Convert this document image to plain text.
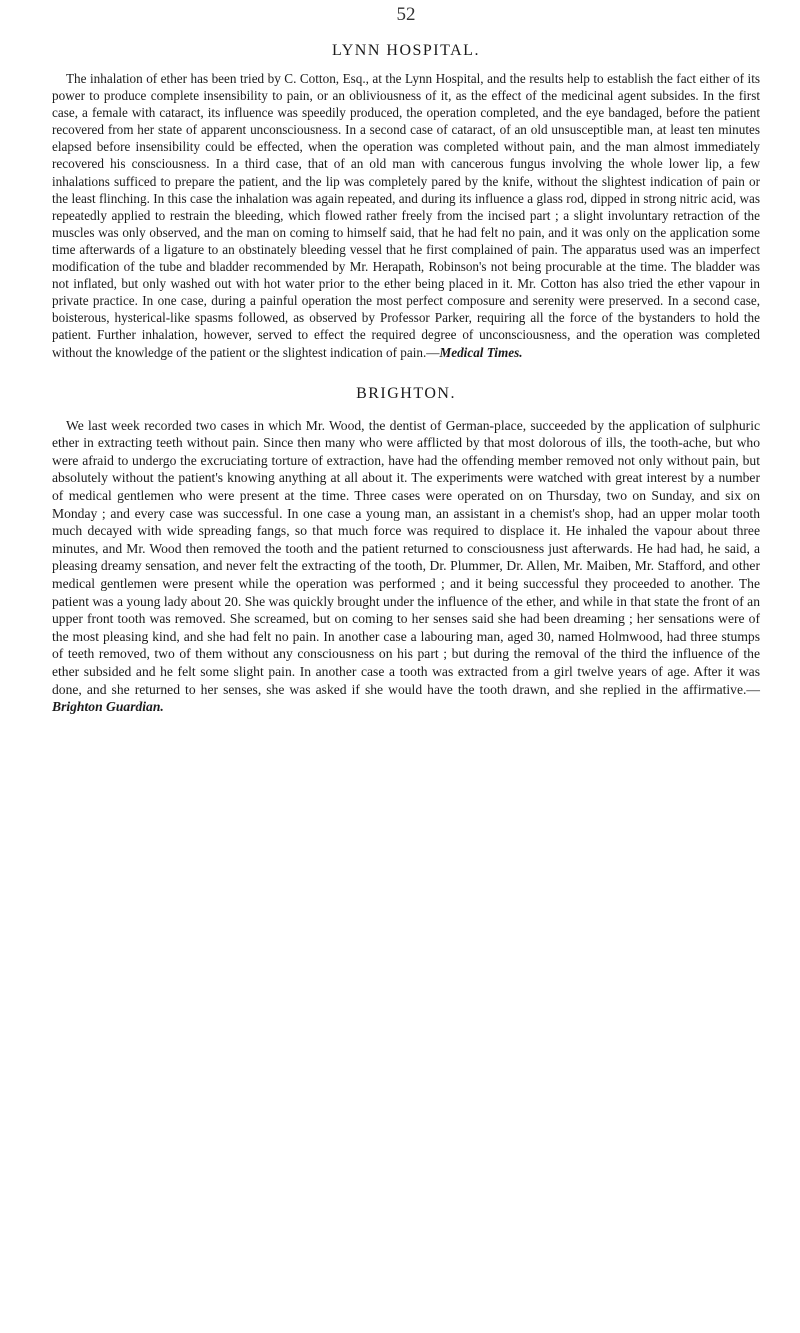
52
LYNN HOSPITAL.

The inhalation of ether has been tried by C. Cotton, Esq., at the Lynn Hospital, and the results help to establish the fact either of its power to produce complete insensibility to pain, or an obliviousness of it, as the effect of the medicinal agent subsides. In the first case, a female with cataract, its influence was speedily produced, the operation completed, and the eye bandaged, before the patient recovered from her state of apparent unconsciousness. In a second case of cataract, of an old unsusceptible man, at least ten minutes elapsed before insensibility could be effected, when the operation was completed without pain, and the man almost immediately recovered his consciousness. In a third case, that of an old man with cancerous fungus involving the whole lower lip, a few inhalations sufficed to prepare the patient, and the lip was completely pared by the knife, without the slightest indication of pain or the least flinching. In this case the inhalation was again repeated, and during its influence a glass rod, dipped in strong nitric acid, was repeatedly applied to restrain the bleeding, which flowed rather freely from the incised part ; a slight involuntary retraction of the muscles was only observed, and the man on coming to himself said, that he had felt no pain, and it was only on the application some time afterwards of a ligature to an obstinately bleeding vessel that he first complained of pain. The apparatus used was an imperfect modification of the tube and bladder recommended by Mr. Herapath, Robinson's not being procurable at the time. The bladder was not inflated, but only washed out with hot water prior to the ether being placed in it. Mr. Cotton has also tried the ether vapour in private practice. In one case, during a painful operation the most perfect composure and serenity were preserved. In a second case, boisterous, hysterical-like spasms followed, as observed by Professor Parker, requiring all the force of the bystanders to hold the patient. Further inhalation, however, served to effect the required degree of unconsciousness, and the operation was completed without the knowledge of the patient or the slightest indication of pain.—Medical Times.

BRIGHTON.

We last week recorded two cases in which Mr. Wood, the dentist of German-place, succeeded by the application of sulphuric ether in extracting teeth without pain. Since then many who were afflicted by that most dolorous of ills, the tooth-ache, but who were afraid to undergo the excruciating torture of extraction, have had the offending member removed not only without pain, but absolutely without the patient's knowing anything at all about it. The experiments were watched with great interest by a number of medical gentlemen who were present at the time. Three cases were operated on on Thursday, two on Sunday, and six on Monday ; and every case was successful. In one case a young man, an assistant in a chemist's shop, had an upper molar tooth much decayed with wide spreading fangs, so that much force was required to displace it. He inhaled the vapour about three minutes, and Mr. Wood then removed the tooth and the patient returned to consciousness just afterwards. He had had, he said, a pleasing dreamy sensation, and never felt the extracting of the tooth, Dr. Plummer, Dr. Allen, Mr. Maiben, Mr. Stafford, and other medical gentlemen were present while the operation was performed ; and it being successful they proceeded to another. The patient was a young lady about 20. She was quickly brought under the influence of the ether, and while in that state the front of an upper front tooth was removed. She screamed, but on coming to her senses said she had been dreaming ; her sensations were of the most pleasing kind, and she had felt no pain. In another case a labouring man, aged 30, named Holmwood, had three stumps of teeth removed, two of them without any consciousness on his part ; but during the removal of the third the influence of the ether subsided and he felt some slight pain. In another case a tooth was extracted from a girl twelve years of age. After it was done, and she returned to her senses, she was asked if she would have the tooth drawn, and she replied in the affirmative.—Brighton Guardian.
